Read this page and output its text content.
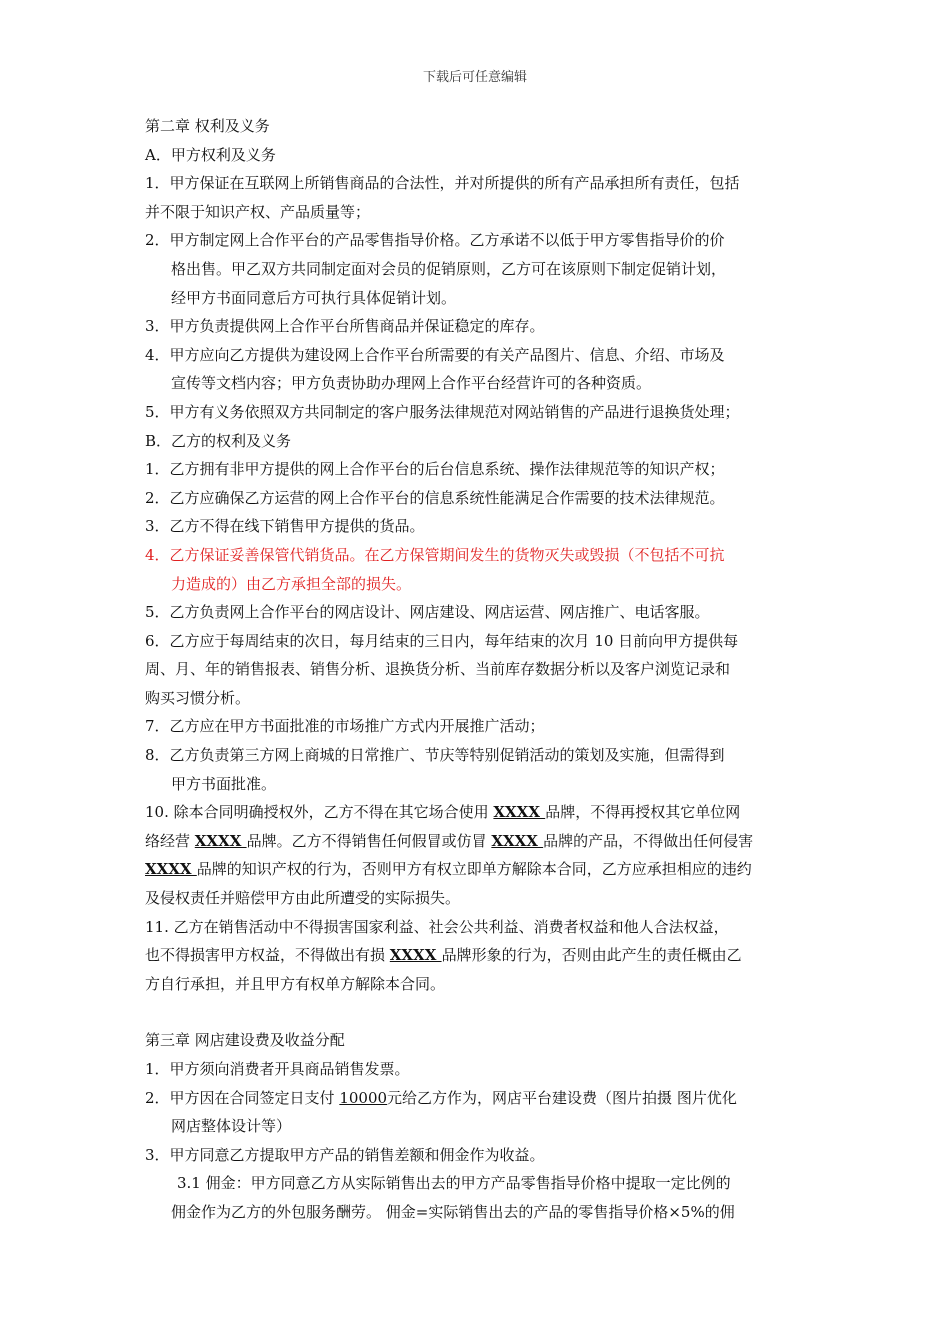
下载后可任意编辑
第二章 权利及义务
A．甲方权利及义务
1．甲方保证在互联网上所销售商品的合法性，并对所提供的所有产品承担所有责任，包括
并不限于知识产权、产品质量等；
2．甲方制定网上合作平台的产品零售指导价格。乙方承诺不以低于甲方零售指导价的价
格出售。甲乙双方共同制定面对会员的促销原则，乙方可在该原则下制定促销计划，
经甲方书面同意后方可执行具体促销计划。
3．甲方负责提供网上合作平台所售商品并保证稳定的库存。
4．甲方应向乙方提供为建设网上合作平台所需要的有关产品图片、信息、介绍、市场及
宣传等文档内容；甲方负责协助办理网上合作平台经营许可的各种资质。
5．甲方有义务依照双方共同制定的客户服务法律规范对网站销售的产品进行退换货处理；
B．乙方的权利及义务
1．乙方拥有非甲方提供的网上合作平台的后台信息系统、操作法律规范等的知识产权；
2．乙方应确保乙方运营的网上合作平台的信息系统性能满足合作需要的技术法律规范。
3．乙方不得在线下销售甲方提供的货品。
4．乙方保证妥善保管代销货品。在乙方保管期间发生的货物灭失或毁损（不包括不可抗
力造成的）由乙方承担全部的损失。
5．乙方负责网上合作平台的网店设计、网店建设、网店运营、网店推广、电话客服。
6．乙方应于每周结束的次日，每月结束的三日内，每年结束的次月 10 日前向甲方提供每
周、月、年的销售报表、销售分析、退换货分析、当前库存数据分析以及客户浏览记录和
购买习惯分析。
7．乙方应在甲方书面批准的市场推广方式内开展推广活动；
8．乙方负责第三方网上商城的日常推广、节庆等特别促销活动的策划及实施，但需得到
甲方书面批准。
10. 除本合同明确授权外，乙方不得在其它场合使用 XXXX 品牌，不得再授权其它单位网
络经营 XXXX 品牌。乙方不得销售任何假冒或仿冒 XXXX 品牌的产品，不得做出任何侵害
XXXX 品牌的知识产权的行为，否则甲方有权立即单方解除本合同，乙方应承担相应的违约
及侵权责任并赔偿甲方由此所遭受的实际损失。
11. 乙方在销售活动中不得损害国家利益、社会公共利益、消费者权益和他人合法权益，
也不得损害甲方权益，不得做出有损 XXXX 品牌形象的行为，否则由此产生的责任概由乙
方自行承担，并且甲方有权单方解除本合同。
第三章 网店建设费及收益分配
1．甲方须向消费者开具商品销售发票。
2．甲方因在合同签定日支付 10000元给乙方作为，网店平台建设费（图片拍摄 图片优化
网店整体设计等）
3．甲方同意乙方提取甲方产品的销售差额和佣金作为收益。
3.1 佣金：甲方同意乙方从实际销售出去的甲方产品零售指导价格中提取一定比例的
佣金作为乙方的外包服务酬劳。 佣金=实际销售出去的产品的零售指导价格×5%的佣
